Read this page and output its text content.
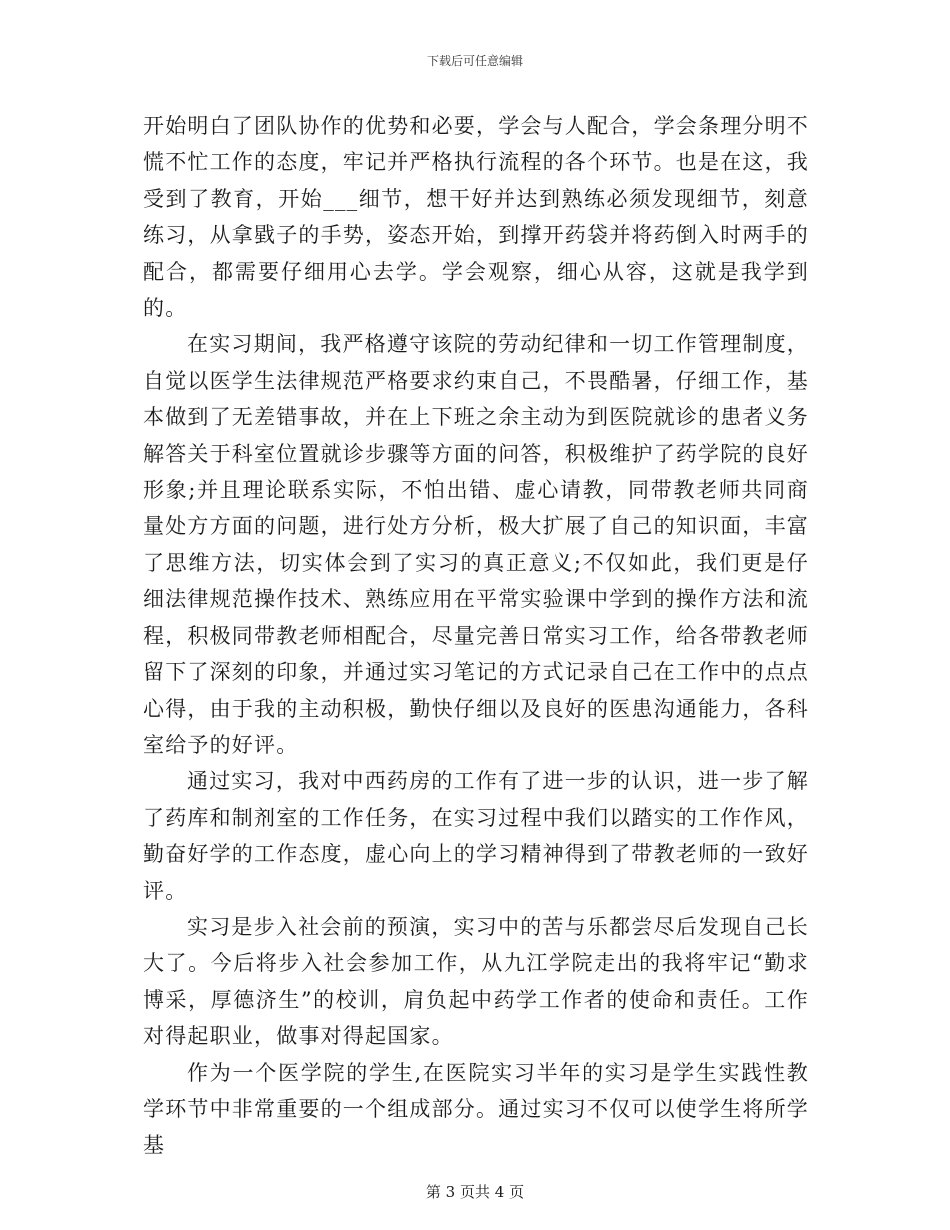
下载后可任意编辑

开始明白了团队协作的优势和必要，学会与人配合，学会条理分明不慌不忙工作的态度，牢记并严格执行流程的各个环节。也是在这，我受到了教育，开始___细节，想干好并达到熟练必须发现细节，刻意练习，从拿戥子的手势，姿态开始，到撑开药袋并将药倒入时两手的配合，都需要仔细用心去学。学会观察，细心从容，这就是我学到的。

在实习期间，我严格遵守该院的劳动纪律和一切工作管理制度，自觉以医学生法律规范严格要求约束自己，不畏酷暑，仔细工作，基本做到了无差错事故，并在上下班之余主动为到医院就诊的患者义务解答关于科室位置就诊步骤等方面的问答，积极维护了药学院的良好形象;并且理论联系实际，不怕出错、虚心请教，同带教老师共同商量处方方面的问题，进行处方分析，极大扩展了自己的知识面，丰富了思维方法，切实体会到了实习的真正意义;不仅如此，我们更是仔细法律规范操作技术、熟练应用在平常实验课中学到的操作方法和流程，积极同带教老师相配合，尽量完善日常实习工作，给各带教老师留下了深刻的印象，并通过实习笔记的方式记录自己在工作中的点点心得，由于我的主动积极，勤快仔细以及良好的医患沟通能力，各科室给予的好评。

通过实习，我对中西药房的工作有了进一步的认识，进一步了解了药库和制剂室的工作任务，在实习过程中我们以踏实的工作作风，勤奋好学的工作态度，虚心向上的学习精神得到了带教老师的一致好评。

实习是步入社会前的预演，实习中的苦与乐都尝尽后发现自己长大了。今后将步入社会参加工作，从九江学院走出的我将牢记“勤求博采，厚德济生”的校训，肩负起中药学工作者的使命和责任。工作对得起职业，做事对得起国家。

作为一个医学院的学生,在医院实习半年的实习是学生实践性教学环节中非常重要的一个组成部分。通过实习不仅可以使学生将所学基

第 3 页共 4 页
